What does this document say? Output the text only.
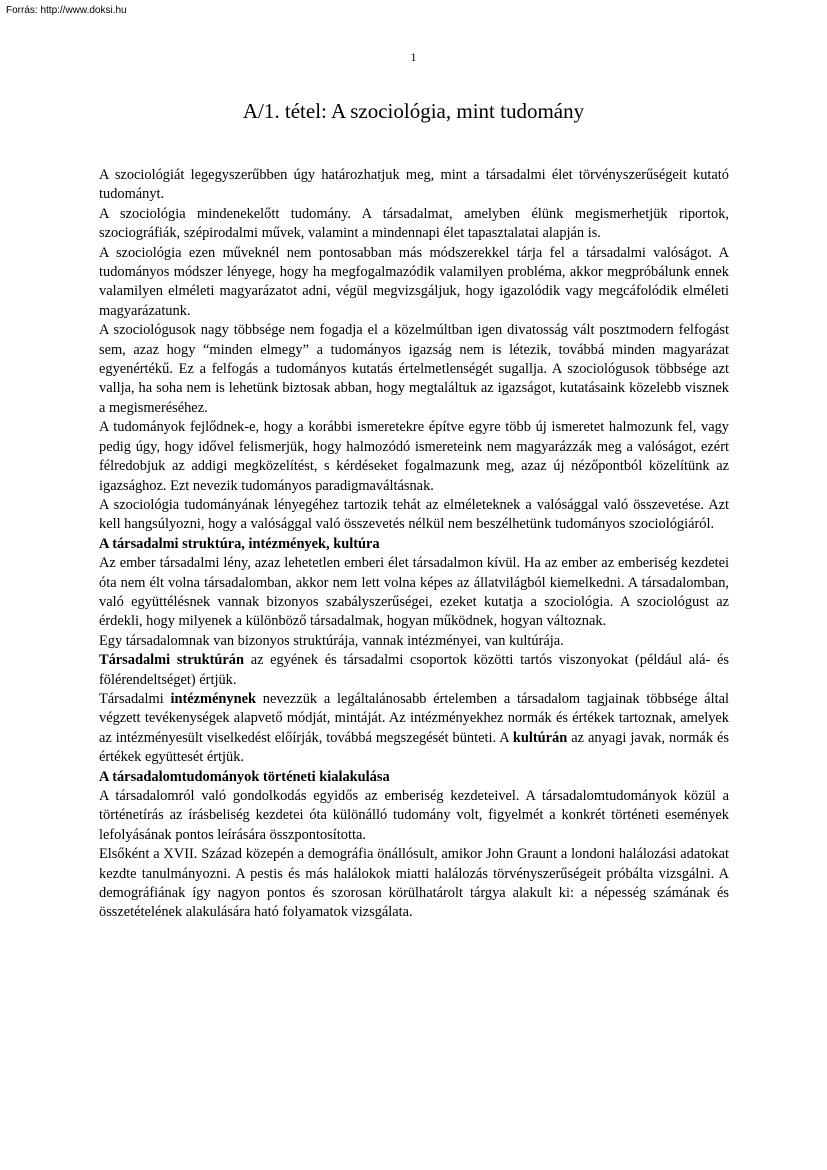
Forrás: http://www.doksi.hu
1
A/1. tétel: A szociológia, mint tudomány

A szociológiát legegyszerűbben úgy határozhatjuk meg, mint a társadalmi élet törvényszerűségeit kutató tudományt.

A szociológia mindenekelőtt tudomány. A társadalmat, amelyben élünk megismerhetjük riportok, szociográfiák, szépirodalmi művek, valamint a mindennapi élet tapasztalatai alapján is.

A szociológia ezen műveknél nem pontosabban más módszerekkel tárja fel a társadalmi valóságot. A tudományos módszer lényege, hogy ha megfogalmazódik valamilyen probléma, akkor megpróbálunk ennek valamilyen elméleti magyarázatot adni, végül megvizsgáljuk, hogy igazolódik vagy megcáfolódik elméleti magyarázatunk.

A szociológusok nagy többsége nem fogadja el a közelmúltban igen divatosság vált posztmodern felfogást sem, azaz hogy “minden elmegy” a tudományos igazság nem is létezik, továbbá minden magyarázat egyenértékű. Ez a felfogás a tudományos kutatás értelmetlenségét sugallja. A szociológusok többsége azt vallja, ha soha nem is lehetünk biztosak abban, hogy megtaláltuk az igazságot, kutatásaink közelebb visznek a megismeréséhez.

A tudományok fejlődnek-e, hogy a korábbi ismeretekre építve egyre több új ismeretet halmozunk fel, vagy pedig úgy, hogy idővel felismerjük, hogy halmozódó ismereteink nem magyarázzák meg a valóságot, ezért félredobjuk az addigi megközelítést, s kérdéseket fogalmazunk meg, azaz új nézőpontból közelítünk az igazsághoz. Ezt nevezik tudományos paradigmaváltásnak.

A szociológia tudományának lényegéhez tartozik tehát az elméleteknek a valósággal való összevetése. Azt kell hangsúlyozni, hogy a valósággal való összevetés nélkül nem beszélhetünk tudományos szociológiáról.

A társadalmi struktúra, intézmények, kultúra

Az ember társadalmi lény, azaz lehetetlen emberi élet társadalmon kívül. Ha az ember az emberiség kezdetei óta nem élt volna társadalomban, akkor nem lett volna képes az állatvilágból kiemelkedni. A társadalomban, való együttélésnek vannak bizonyos szabályszerűségei, ezeket kutatja a szociológia. A szociológust az érdekli, hogy milyenek a különböző társadalmak, hogyan működnek, hogyan változnak.

Egy társadalomnak van bizonyos struktúrája, vannak intézményei, van kultúrája.

Társadalmi struktúrán az egyének és társadalmi csoportok közötti tartós viszonyokat (például alá- és fölérendeltséget) értjük.

Társadalmi intézménynek nevezzük a legáltalánosabb értelemben a társadalom tagjainak többsége által végzett tevékenységek alapvető módját, mintáját. Az intézményekhez normák és értékek tartoznak, amelyek az intézményesült viselkedést előírják, továbbá megszegését bünteti. A kultúrán az anyagi javak, normák és értékek együttesét értjük.

A társadalomtudományok történeti kialakulása

A társadalomról való gondolkodás egyidős az emberiség kezdeteivel. A társadalomtudományok közül a történetírás az írásbeliség kezdetei óta különálló tudomány volt, figyelmét a konkrét történeti események lefolyásának pontos leírására összpontosította.

Elsőként a XVII. Század közepén a demográfia önállósult, amikor John Graunt a londoni halálozási adatokat kezdte tanulmányozni. A pestis és más halálokok miatti halálozás törvényszerűségeit próbálta vizsgálni. A demográfiának így nagyon pontos és szorosan körülhatárolt tárgya alakult ki: a népesség számának és összetételének alakulására ható folyamatok vizsgálata.
